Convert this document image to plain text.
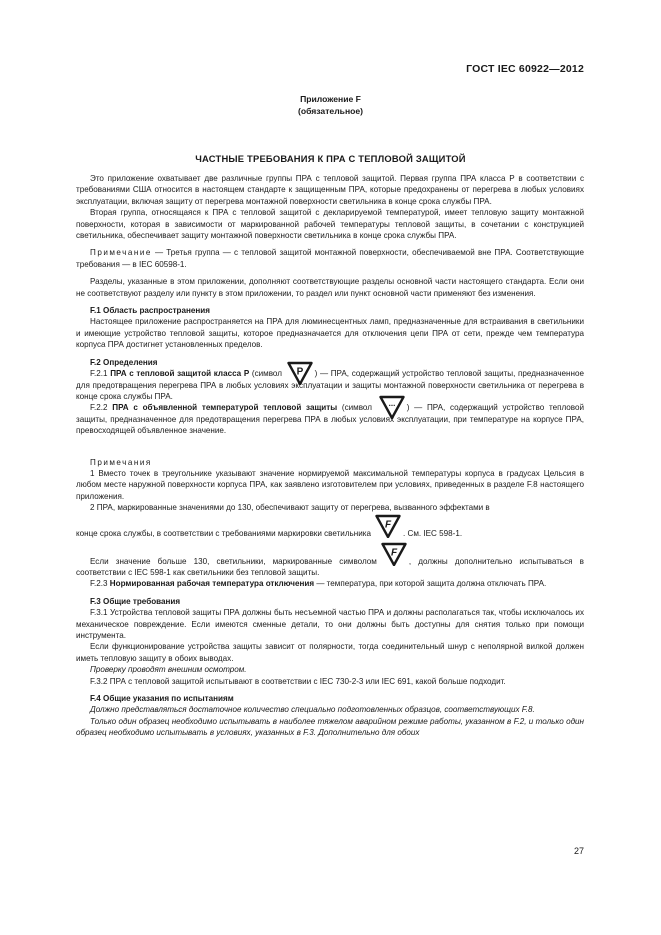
ГОСТ IEC 60922—2012
Приложение F
(обязательное)
ЧАСТНЫЕ ТРЕБОВАНИЯ К ПРА С ТЕПЛОВОЙ ЗАЩИТОЙ

Это приложение охватывает две различные группы ПРА с тепловой защитой. Первая группа ПРА класса Р в соответствии с требованиями США относится в настоящем стандарте к защищенным ПРА, которые предохранены от перегрева в любых условиях эксплуатации, включая защиту от перегрева монтажной поверхности светильника в конце срока службы ПРА.

Вторая группа, относящаяся к ПРА с тепловой защитой с декларируемой температурой, имеет тепловую защиту монтажной поверхности, которая в зависимости от маркированной рабочей температуры тепловой защиты, в сочетании с конструкцией светильника, обеспечивает защиту монтажной поверхности светильника в конце срока службы ПРА.

Примечание — Третья группа — с тепловой защитой монтажной поверхности, обеспечиваемой вне ПРА. Соответствующие требования — в IEC 60598-1.

Разделы, указанные в этом приложении, дополняют соответствующие разделы основной части настоящего стандарта. Если они не соответствуют разделу или пункту в этом приложении, то раздел или пункт основной части применяют без изменения.

F.1 Область распространения

Настоящее приложение распространяется на ПРА для люминесцентных ламп, предназначенные для встраивания в светильники и имеющие устройство тепловой защиты, которое предназначается для отключения цепи ПРА от сети, прежде чем температура корпуса ПРА достигнет установленных пределов.

F.2 Определения

F.2.1 ПРА с тепловой защитой класса Р (символ P ) — ПРА, содержащий устройство тепловой защиты, предназначенное для предотвращения перегрева ПРА в любых условиях эксплуатации и защиты монтажной поверхности светильника от перегрева в конце срока службы ПРА.

F.2.2 ПРА с объявленной температурой тепловой защиты (символ ... ) — ПРА, содержащий устройство тепловой защиты, предназначенное для предотвращения перегрева ПРА в любых условиях эксплуатации, при температуре на корпусе ПРА, превосходящей объявленное значение.

Примечания

1 Вместо точек в треугольнике указывают значение нормируемой максимальной температуры корпуса в градусах Цельсия в любом месте наружной поверхности корпуса ПРА, как заявлено изготовителем при условиях, приведенных в разделе F.8 настоящего приложения.

2 ПРА, маркированные значениями до 130, обеспечивают защиту от перегрева, вызванного эффектами в

конце срока службы, в соответствии с требованиями маркировки светильника
F
. См. IEC 598-1.

Если значение больше 130, светильники, маркированные символом
F
, должны дополнительно испытываться в соответствии с IEC 598-1 как светильники без тепловой защиты.

F.2.3 Нормированная рабочая температура отключения — температура, при которой защита должна отключать ПРА.

F.3 Общие требования

F.3.1 Устройства тепловой защиты ПРА должны быть несъемной частью ПРА и должны располагаться так, чтобы исключалось их механическое повреждение. Если имеются сменные детали, то они должны быть доступны для снятия только при помощи инструмента.

Если функционирование устройства защиты зависит от полярности, тогда соединительный шнур с неполярной вилкой должен иметь тепловую защиту в обоих выводах.

Проверку проводят внешним осмотром.

F.3.2 ПРА с тепловой защитой испытывают в соответствии с IEC 730-2-3 или IEC 691, какой больше подходит.

F.4 Общие указания по испытаниям

Должно представляться достаточное количество специально подготовленных образцов, соответствующих F.8.

Только один образец необходимо испытывать в наиболее тяжелом аварийном режиме работы, указанном в F.2, и только один образец необходимо испытывать в условиях, указанных в F.3. Дополнительно для обоих

27
